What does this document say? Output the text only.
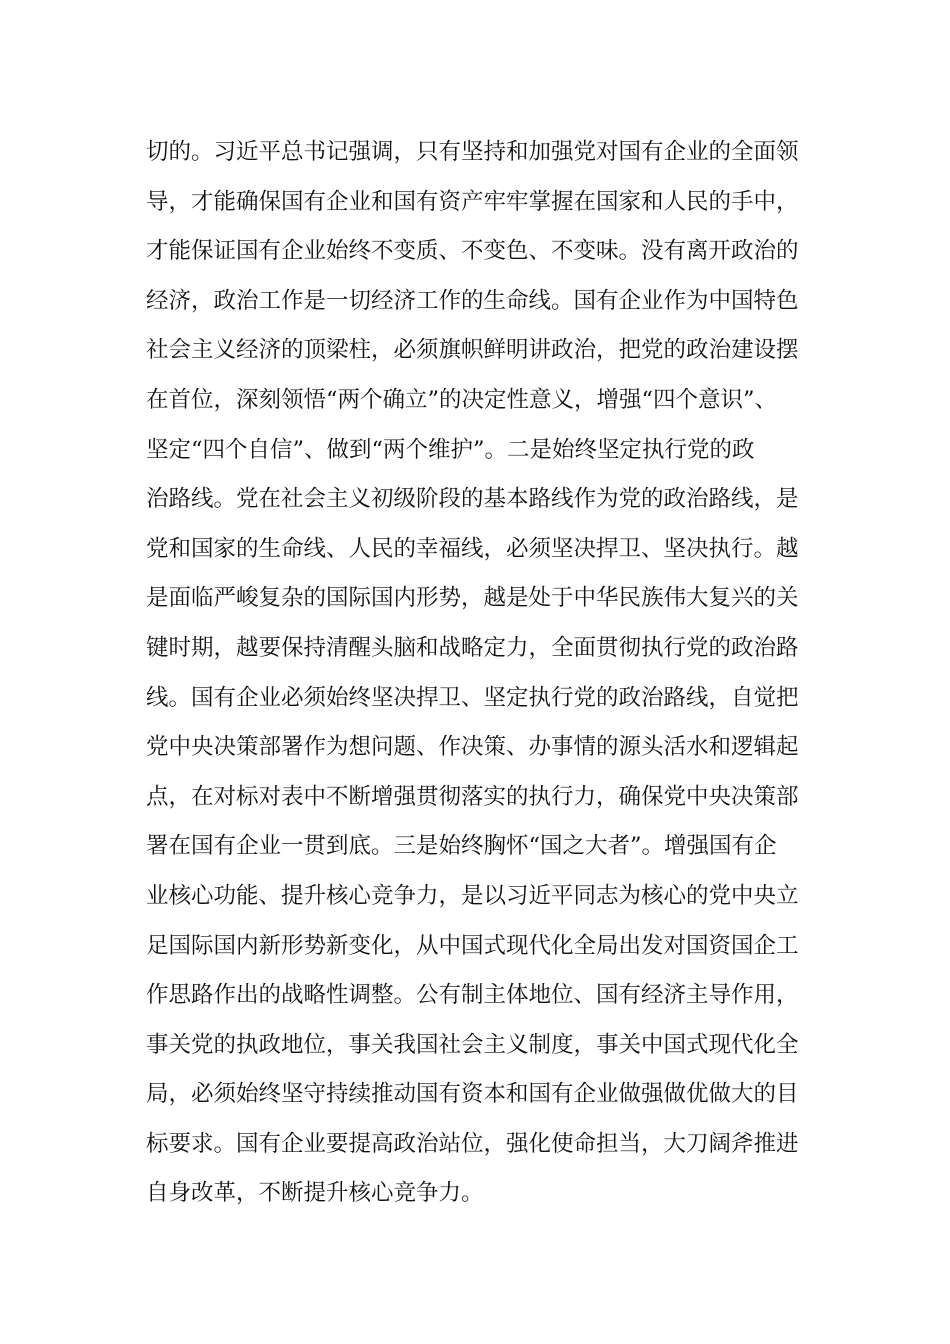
切的。习近平总书记强调，只有坚持和加强党对国有企业的全面领
导，才能确保国有企业和国有资产牢牢掌握在国家和人民的手中，
才能保证国有企业始终不变质、不变色、不变味。没有离开政治的
经济，政治工作是一切经济工作的生命线。国有企业作为中国特色
社会主义经济的顶梁柱，必须旗帜鲜明讲政治，把党的政治建设摆
在首位，深刻领悟“两个确立”的决定性意义，增强“四个意识”、
坚定“四个自信”、做到“两个维护”。二是始终坚定执行党的政
治路线。党在社会主义初级阶段的基本路线作为党的政治路线，是
党和国家的生命线、人民的幸福线，必须坚决捍卫、坚决执行。越
是面临严峻复杂的国际国内形势，越是处于中华民族伟大复兴的关
键时期，越要保持清醒头脑和战略定力，全面贯彻执行党的政治路
线。国有企业必须始终坚决捍卫、坚定执行党的政治路线，自觉把
党中央决策部署作为想问题、作决策、办事情的源头活水和逻辑起
点，在对标对表中不断增强贯彻落实的执行力，确保党中央决策部
署在国有企业一贯到底。三是始终胸怀“国之大者”。增强国有企
业核心功能、提升核心竞争力，是以习近平同志为核心的党中央立
足国际国内新形势新变化，从中国式现代化全局出发对国资国企工
作思路作出的战略性调整。公有制主体地位、国有经济主导作用，
事关党的执政地位，事关我国社会主义制度，事关中国式现代化全
局，必须始终坚守持续推动国有资本和国有企业做强做优做大的目
标要求。国有企业要提高政治站位，强化使命担当，大刀阔斧推进
自身改革，不断提升核心竞争力。
